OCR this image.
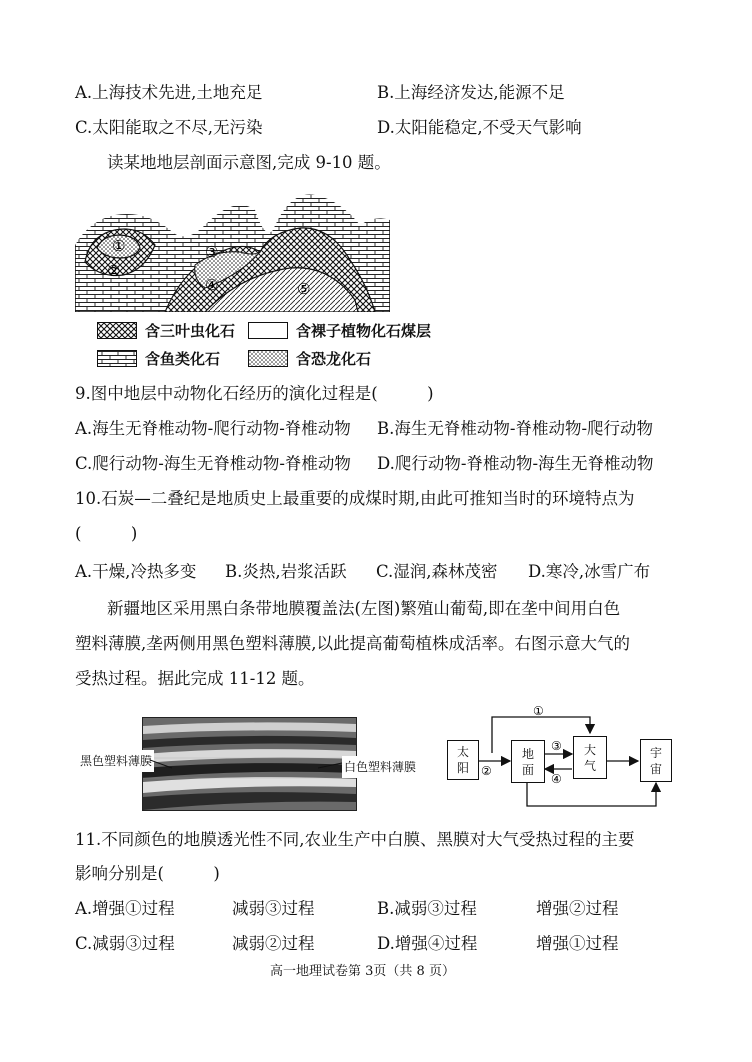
A.上海技术先进,土地充足	B.上海经济发达,能源不足
C.太阳能取之不尽,无污染	D.太阳能稳定,不受天气影响
读某地地层剖面示意图,完成 9-10 题。
①
②
③
④	⑤
含三叶虫化石	含裸子植物化石煤层
含鱼类化石	含恐龙化石
9.图中地层中动物化石经历的演化过程是(　　　)
A.海生无脊椎动物-爬行动物-脊椎动物 B.海生无脊椎动物-脊椎动物-爬行动物
C.爬行动物-海生无脊椎动物-脊椎动物 D.爬行动物-脊椎动物-海生无脊椎动物
10.石炭—二叠纪是地质史上最重要的成煤时期,由此可推知当时的环境特点为
(　　　)
A.干燥,冷热多变 B.炎热,岩浆活跃 C.湿润,森林茂密 D.寒冷,冰雪广布
新疆地区采用黑白条带地膜覆盖法(左图)繁殖山葡萄,即在垄中间用白色
塑料薄膜,垄两侧用黑色塑料薄膜,以此提高葡萄植株成活率。右图示意大气的
受热过程。据此完成 11-12 题。
黑色塑料薄膜	白色塑料薄膜
①
②
③
④
太
阳
地
面
大
气
宇
宙
11.不同颜色的地膜透光性不同,农业生产中白膜、黑膜对大气受热过程的主要
影响分别是(　　　)
A.增强①过程	减弱③过程	B.减弱③过程	增强②过程
C.减弱③过程	减弱②过程	D.增强④过程	增强①过程
高一地理试卷第 3页（共 8 页）
